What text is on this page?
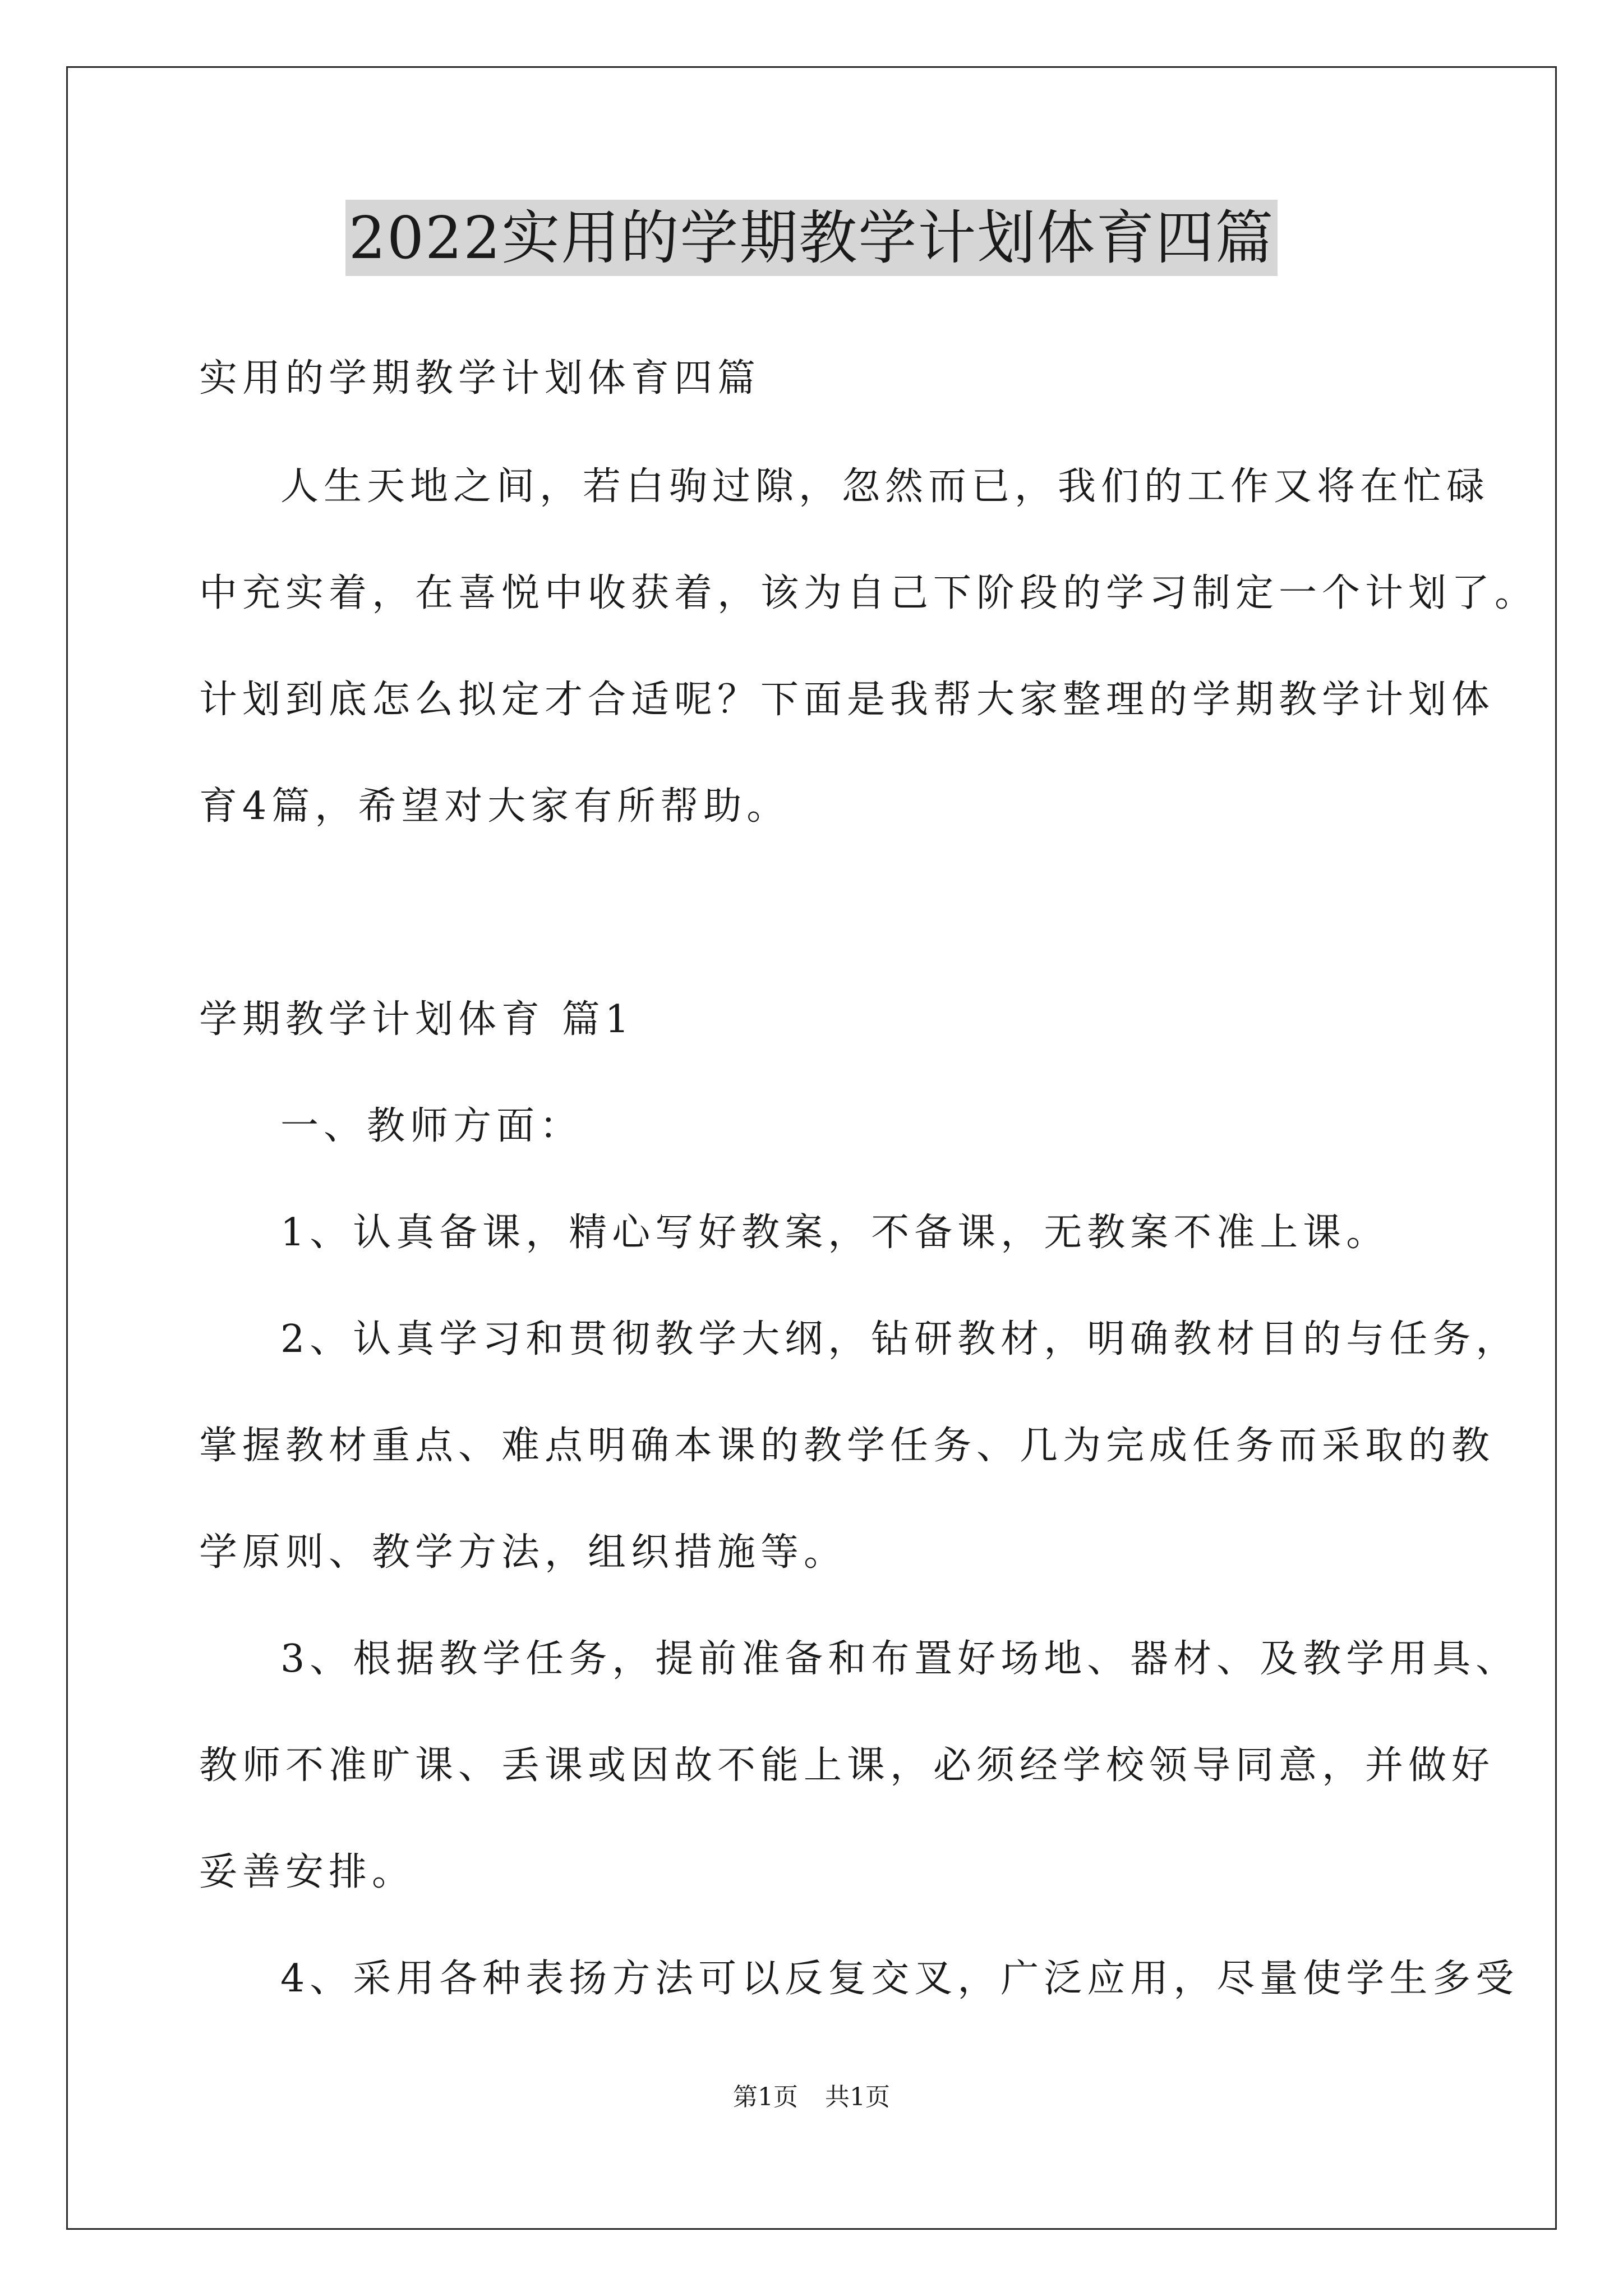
2022实用的学期教学计划体育四篇
实用的学期教学计划体育四篇
人生天地之间，若白驹过隙，忽然而已，我们的工作又将在忙碌
中充实着，在喜悦中收获着，该为自己下阶段的学习制定一个计划了。
计划到底怎么拟定才合适呢？下面是我帮大家整理的学期教学计划体
育4篇，希望对大家有所帮助。
学期教学计划体育 篇1
一、教师方面：
1、认真备课，精心写好教案，不备课，无教案不准上课。
2、认真学习和贯彻教学大纲，钻研教材，明确教材目的与任务，
掌握教材重点、难点明确本课的教学任务、几为完成任务而采取的教
学原则、教学方法，组织措施等。
3、根据教学任务，提前准备和布置好场地、器材、及教学用具、
教师不准旷课、丢课或因故不能上课，必须经学校领导同意，并做好
妥善安排。
4、采用各种表扬方法可以反复交叉，广泛应用，尽量使学生多受
第1页 共1页
